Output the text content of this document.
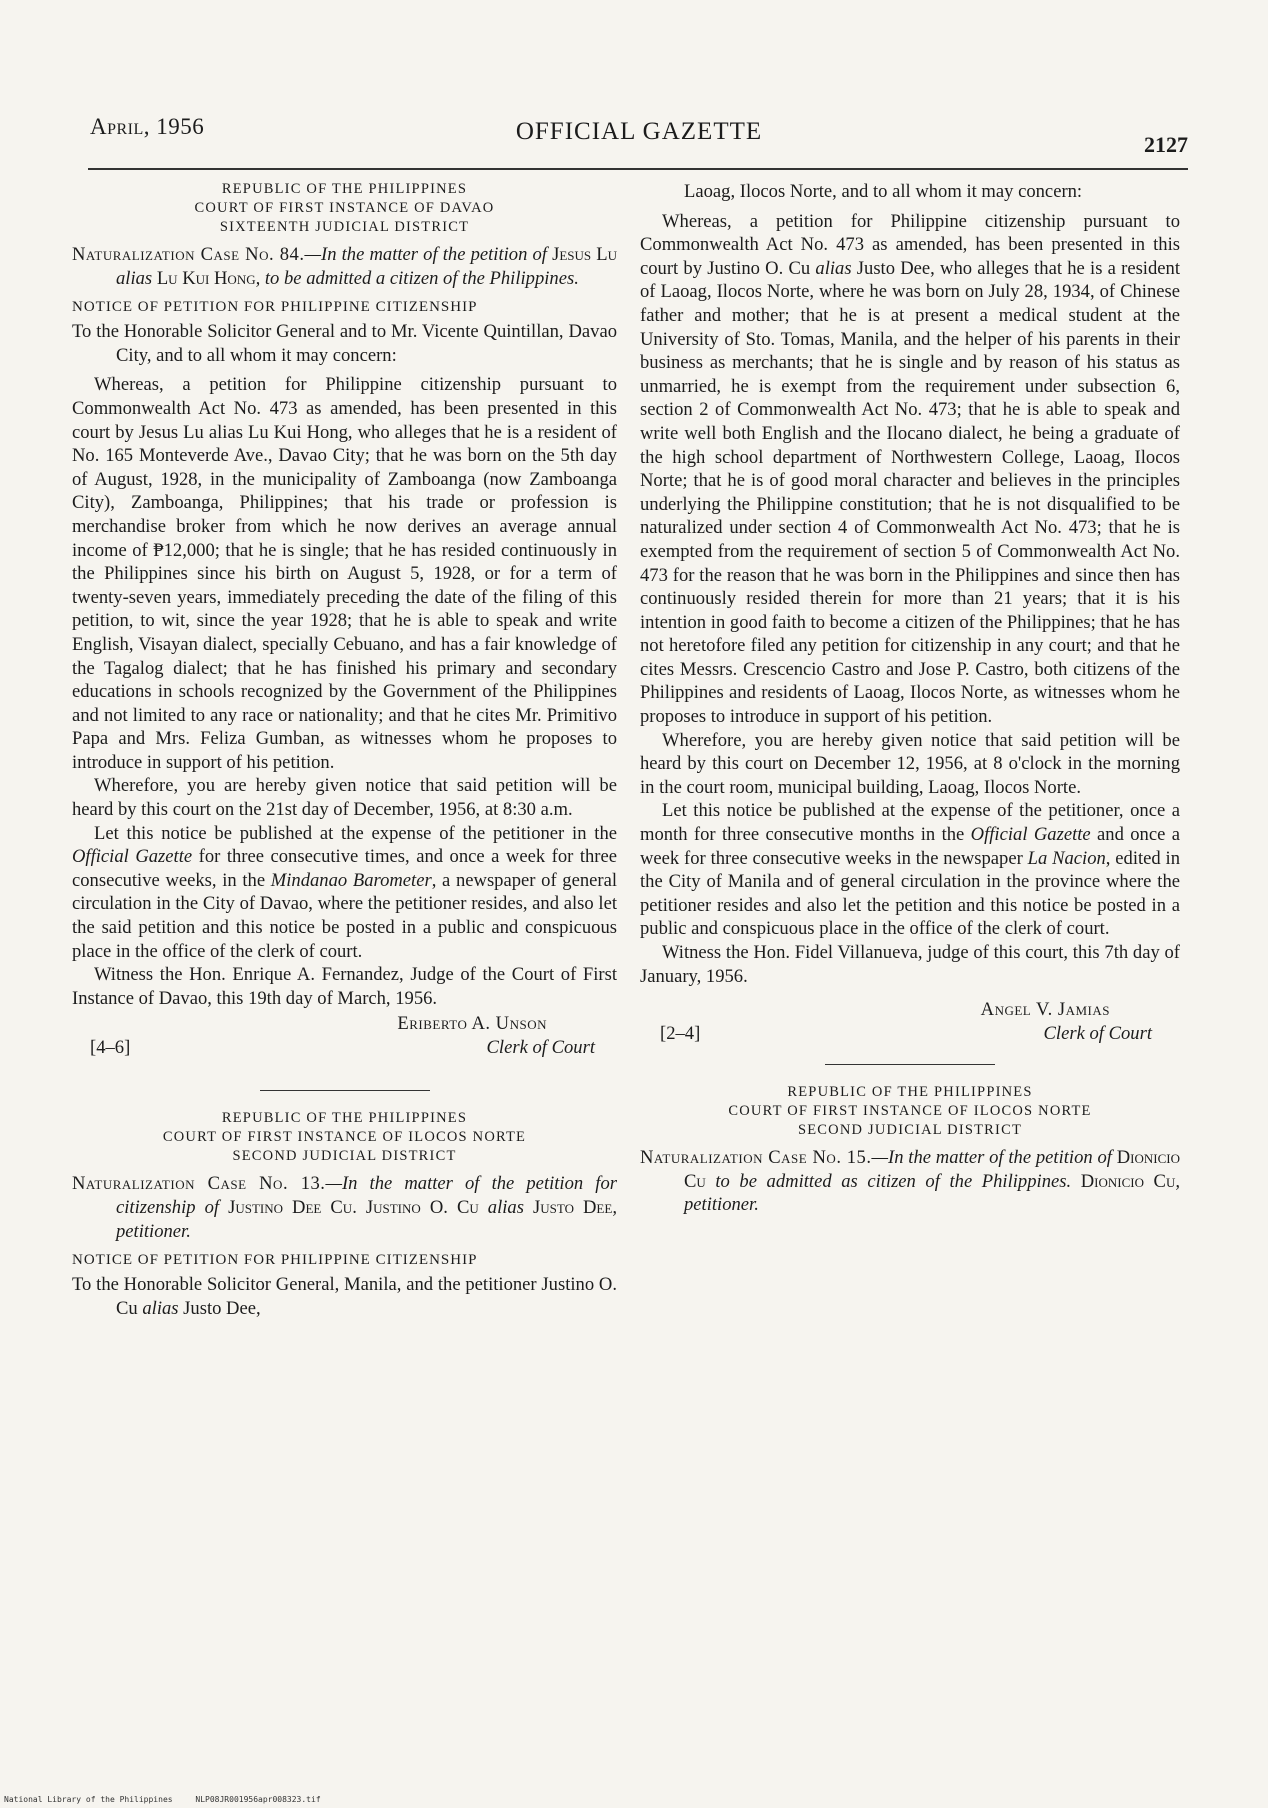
April, 1956	OFFICIAL GAZETTE	2127
REPUBLIC OF THE PHILIPPINES
COURT OF FIRST INSTANCE OF DAVAO
SIXTEENTH JUDICIAL DISTRICT

Naturalization Case No. 84.—In the matter of the petition of Jesus Lu alias Lu Kui Hong, to be admitted a citizen of the Philippines.

NOTICE OF PETITION FOR PHILIPPINE CITIZENSHIP

To the Honorable Solicitor General and to Mr. Vicente Quintillan, Davao City, and to all whom it may concern:

Whereas, a petition for Philippine citizenship pursuant to Commonwealth Act No. 473 as amended, has been presented in this court by Jesus Lu alias Lu Kui Hong, who alleges that he is a resident of No. 165 Monteverde Ave., Davao City; that he was born on the 5th day of August, 1928, in the municipality of Zamboanga (now Zamboanga City), Zamboanga, Philippines; that his trade or profession is merchandise broker from which he now derives an average annual income of ₱12,000; that he is single; that he has resided continuously in the Philippines since his birth on August 5, 1928, or for a term of twenty-seven years, immediately preceding the date of the filing of this petition, to wit, since the year 1928; that he is able to speak and write English, Visayan dialect, specially Cebuano, and has a fair knowledge of the Tagalog dialect; that he has finished his primary and secondary educations in schools recognized by the Government of the Philippines and not limited to any race or nationality; and that he cites Mr. Primitivo Papa and Mrs. Feliza Gumban, as witnesses whom he proposes to introduce in support of his petition.

Wherefore, you are hereby given notice that said petition will be heard by this court on the 21st day of December, 1956, at 8:30 a.m.

Let this notice be published at the expense of the petitioner in the Official Gazette for three consecutive times, and once a week for three consecutive weeks, in the Mindanao Barometer, a newspaper of general circulation in the City of Davao, where the petitioner resides, and also let the said petition and this notice be posted in a public and conspicuous place in the office of the clerk of court.

Witness the Hon. Enrique A. Fernandez, Judge of the Court of First Instance of Davao, this 19th day of March, 1956.

Eriberto A. Unson
[4–6]	Clerk of Court
REPUBLIC OF THE PHILIPPINES
COURT OF FIRST INSTANCE OF ILOCOS NORTE
SECOND JUDICIAL DISTRICT

Naturalization Case No. 13.—In the matter of the petition for citizenship of Justino Dee Cu. Justino O. Cu alias Justo Dee, petitioner.

NOTICE OF PETITION FOR PHILIPPINE CITIZENSHIP

To the Honorable Solicitor General, Manila, and the petitioner Justino O. Cu alias Justo Dee,

Laoag, Ilocos Norte, and to all whom it may concern:

Whereas, a petition for Philippine citizenship pursuant to Commonwealth Act No. 473 as amended, has been presented in this court by Justino O. Cu alias Justo Dee, who alleges that he is a resident of Laoag, Ilocos Norte, where he was born on July 28, 1934, of Chinese father and mother; that he is at present a medical student at the University of Sto. Tomas, Manila, and the helper of his parents in their business as merchants; that he is single and by reason of his status as unmarried, he is exempt from the requirement under subsection 6, section 2 of Commonwealth Act No. 473; that he is able to speak and write well both English and the Ilocano dialect, he being a graduate of the high school department of Northwestern College, Laoag, Ilocos Norte; that he is of good moral character and believes in the principles underlying the Philippine constitution; that he is not disqualified to be naturalized under section 4 of Commonwealth Act No. 473; that he is exempted from the requirement of section 5 of Commonwealth Act No. 473 for the reason that he was born in the Philippines and since then has continuously resided therein for more than 21 years; that it is his intention in good faith to become a citizen of the Philippines; that he has not heretofore filed any petition for citizenship in any court; and that he cites Messrs. Crescencio Castro and Jose P. Castro, both citizens of the Philippines and residents of Laoag, Ilocos Norte, as witnesses whom he proposes to introduce in support of his petition.

Wherefore, you are hereby given notice that said petition will be heard by this court on December 12, 1956, at 8 o'clock in the morning in the court room, municipal building, Laoag, Ilocos Norte.

Let this notice be published at the expense of the petitioner, once a month for three consecutive months in the Official Gazette and once a week for three consecutive weeks in the newspaper La Nacion, edited in the City of Manila and of general circulation in the province where the petitioner resides and also let the petition and this notice be posted in a public and conspicuous place in the office of the clerk of court.

Witness the Hon. Fidel Villanueva, judge of this court, this 7th day of January, 1956.

Angel V. Jamias
[2–4]	Clerk of Court
REPUBLIC OF THE PHILIPPINES
COURT OF FIRST INSTANCE OF ILOCOS NORTE
SECOND JUDICIAL DISTRICT

Naturalization Case No. 15.—In the matter of the petition of Dionicio Cu to be admitted as citizen of the Philippines. Dionicio Cu, petitioner.

National Library of the Philippines	NLP08JR001956apr008323.tif
